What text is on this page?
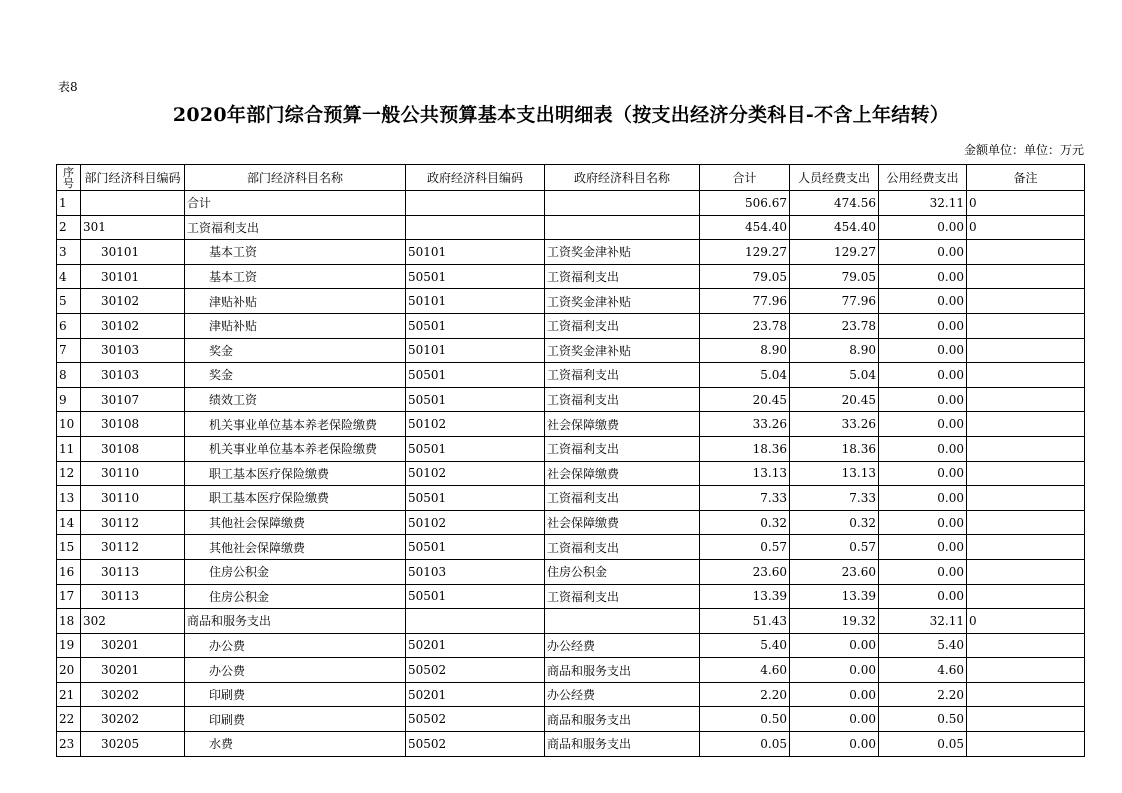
表8
2020年部门综合预算一般公共预算基本支出明细表（按支出经济分类科目-不含上年结转）
金额单位：单位：万元
序号	部门经济科目编码	部门经济科目名称	政府经济科目编码	政府经济科目名称	合计	人员经费支出	公用经费支出	备注
1		合计			506.67	474.56	32.11	0
2	301	工资福利支出			454.40	454.40	0.00	0
3	30101	基本工资	50101	工资奖金津补贴	129.27	129.27	0.00	
4	30101	基本工资	50501	工资福利支出	79.05	79.05	0.00	
5	30102	津贴补贴	50101	工资奖金津补贴	77.96	77.96	0.00	
6	30102	津贴补贴	50501	工资福利支出	23.78	23.78	0.00	
7	30103	奖金	50101	工资奖金津补贴	8.90	8.90	0.00	
8	30103	奖金	50501	工资福利支出	5.04	5.04	0.00	
9	30107	绩效工资	50501	工资福利支出	20.45	20.45	0.00	
10	30108	机关事业单位基本养老保险缴费	50102	社会保障缴费	33.26	33.26	0.00	
11	30108	机关事业单位基本养老保险缴费	50501	工资福利支出	18.36	18.36	0.00	
12	30110	职工基本医疗保险缴费	50102	社会保障缴费	13.13	13.13	0.00	
13	30110	职工基本医疗保险缴费	50501	工资福利支出	7.33	7.33	0.00	
14	30112	其他社会保障缴费	50102	社会保障缴费	0.32	0.32	0.00	
15	30112	其他社会保障缴费	50501	工资福利支出	0.57	0.57	0.00	
16	30113	住房公积金	50103	住房公积金	23.60	23.60	0.00	
17	30113	住房公积金	50501	工资福利支出	13.39	13.39	0.00	
18	302	商品和服务支出			51.43	19.32	32.11	0
19	30201	办公费	50201	办公经费	5.40	0.00	5.40	
20	30201	办公费	50502	商品和服务支出	4.60	0.00	4.60	
21	30202	印刷费	50201	办公经费	2.20	0.00	2.20	
22	30202	印刷费	50502	商品和服务支出	0.50	0.00	0.50	
23	30205	水费	50502	商品和服务支出	0.05	0.00	0.05	
